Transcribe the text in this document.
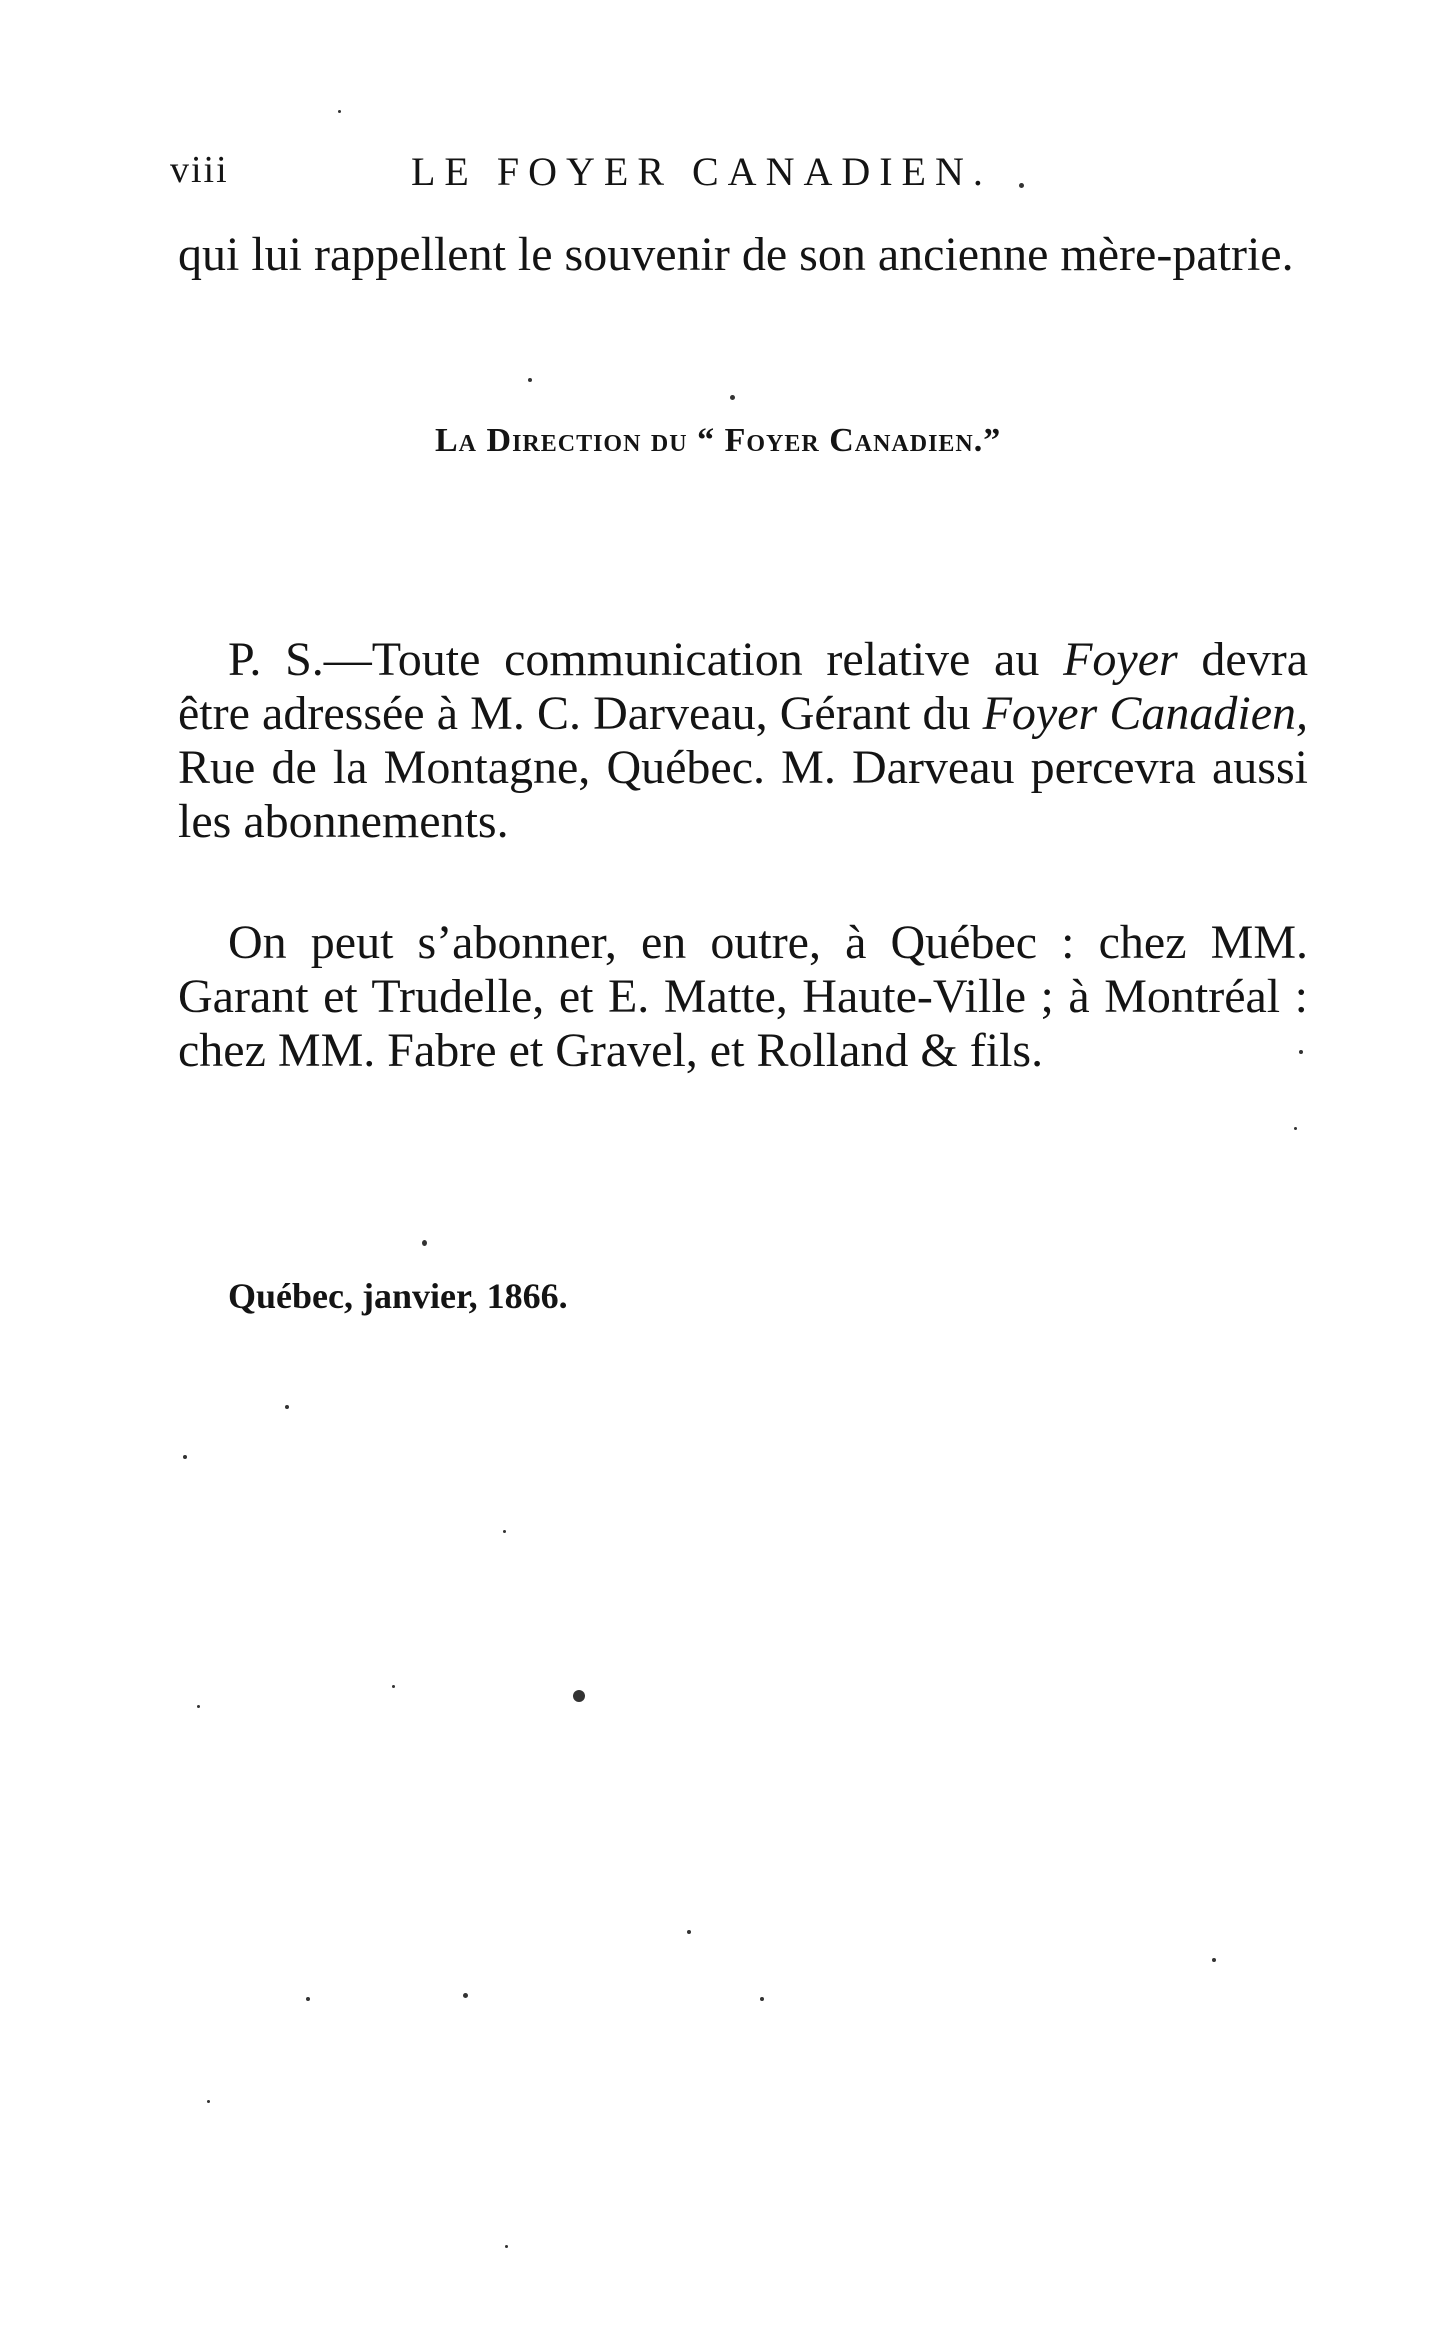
viii	LE FOYER CANADIEN.

qui lui rappellent le souvenir de son ancienne mère-patrie.

La Direction du “ Foyer Canadien.”

P. S.—Toute communication relative au Foyer devra être adressée à M. C. Darveau, Gérant du Foyer Canadien, Rue de la Montagne, Québec. M. Darveau percevra aussi les abonnements.

On peut s’abonner, en outre, à Québec : chez MM. Garant et Trudelle, et E. Matte, Haute-Ville ; à Montréal : chez MM. Fabre et Gravel, et Rolland & fils.

Québec, janvier, 1866.
